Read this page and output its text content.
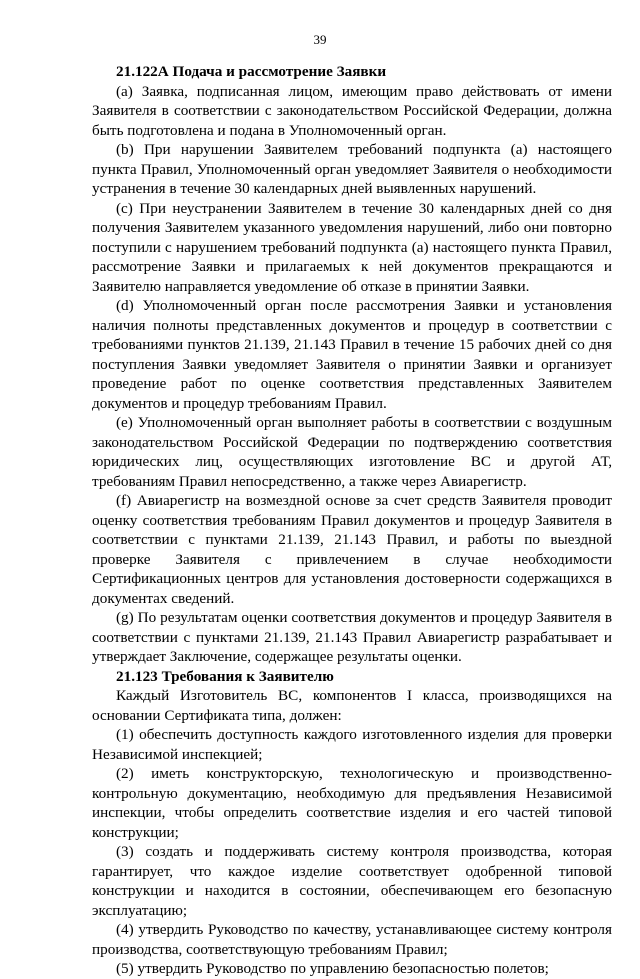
39
21.122А Подача и рассмотрение Заявки

(a) Заявка, подписанная лицом, имеющим право действовать от имени Заявителя в соответствии с законодательством Российской Федерации, должна быть подготовлена и подана в Уполномоченный орган.

(b) При нарушении Заявителем требований подпункта (a) настоящего пункта Правил, Уполномоченный орган уведомляет Заявителя о необходимости устранения в течение 30 календарных дней выявленных нарушений.

(c) При неустранении Заявителем в течение 30 календарных дней со дня получения Заявителем указанного уведомления нарушений, либо они повторно поступили с нарушением требований подпункта (a) настоящего пункта Правил, рассмотрение Заявки и прилагаемых к ней документов прекращаются и Заявителю направляется уведомление об отказе в принятии Заявки.

(d) Уполномоченный орган после рассмотрения Заявки и установления наличия полноты представленных документов и процедур в соответствии с требованиями пунктов 21.139, 21.143 Правил в течение 15 рабочих дней со дня поступления Заявки уведомляет Заявителя о принятии Заявки и организует проведение работ по оценке соответствия представленных Заявителем документов и процедур требованиям Правил.

(e) Уполномоченный орган выполняет работы в соответствии с воздушным законодательством Российской Федерации по подтверждению соответствия юридических лиц, осуществляющих изготовление ВС и другой АТ, требованиям Правил непосредственно, а также через Авиарегистр.

(f) Авиарегистр на возмездной основе за счет средств Заявителя проводит оценку соответствия требованиям Правил документов и процедур Заявителя в соответствии с пунктами 21.139, 21.143 Правил, и работы по выездной проверке Заявителя с привлечением в случае необходимости Сертификационных центров для установления достоверности содержащихся в документах сведений.

(g) По результатам оценки соответствия документов и процедур Заявителя в соответствии с пунктами 21.139, 21.143 Правил Авиарегистр разрабатывает и утверждает Заключение, содержащее результаты оценки.

21.123 Требования к Заявителю

Каждый Изготовитель ВС, компонентов I класса, производящихся на основании Сертификата типа, должен:

(1) обеспечить доступность каждого изготовленного изделия для проверки Независимой инспекцией;

(2) иметь конструкторскую, технологическую и производственно-контрольную документацию, необходимую для предъявления Независимой инспекции, чтобы определить соответствие изделия и его частей типовой конструкции;

(3) создать и поддерживать систему контроля производства, которая гарантирует, что каждое изделие соответствует одобренной типовой конструкции и находится в состоянии, обеспечивающем его безопасную эксплуатацию;

(4) утвердить Руководство по качеству, устанавливающее систему контроля производства, соответствующую требованиям Правил;

(5) утвердить Руководство по управлению безопасностью полетов;
